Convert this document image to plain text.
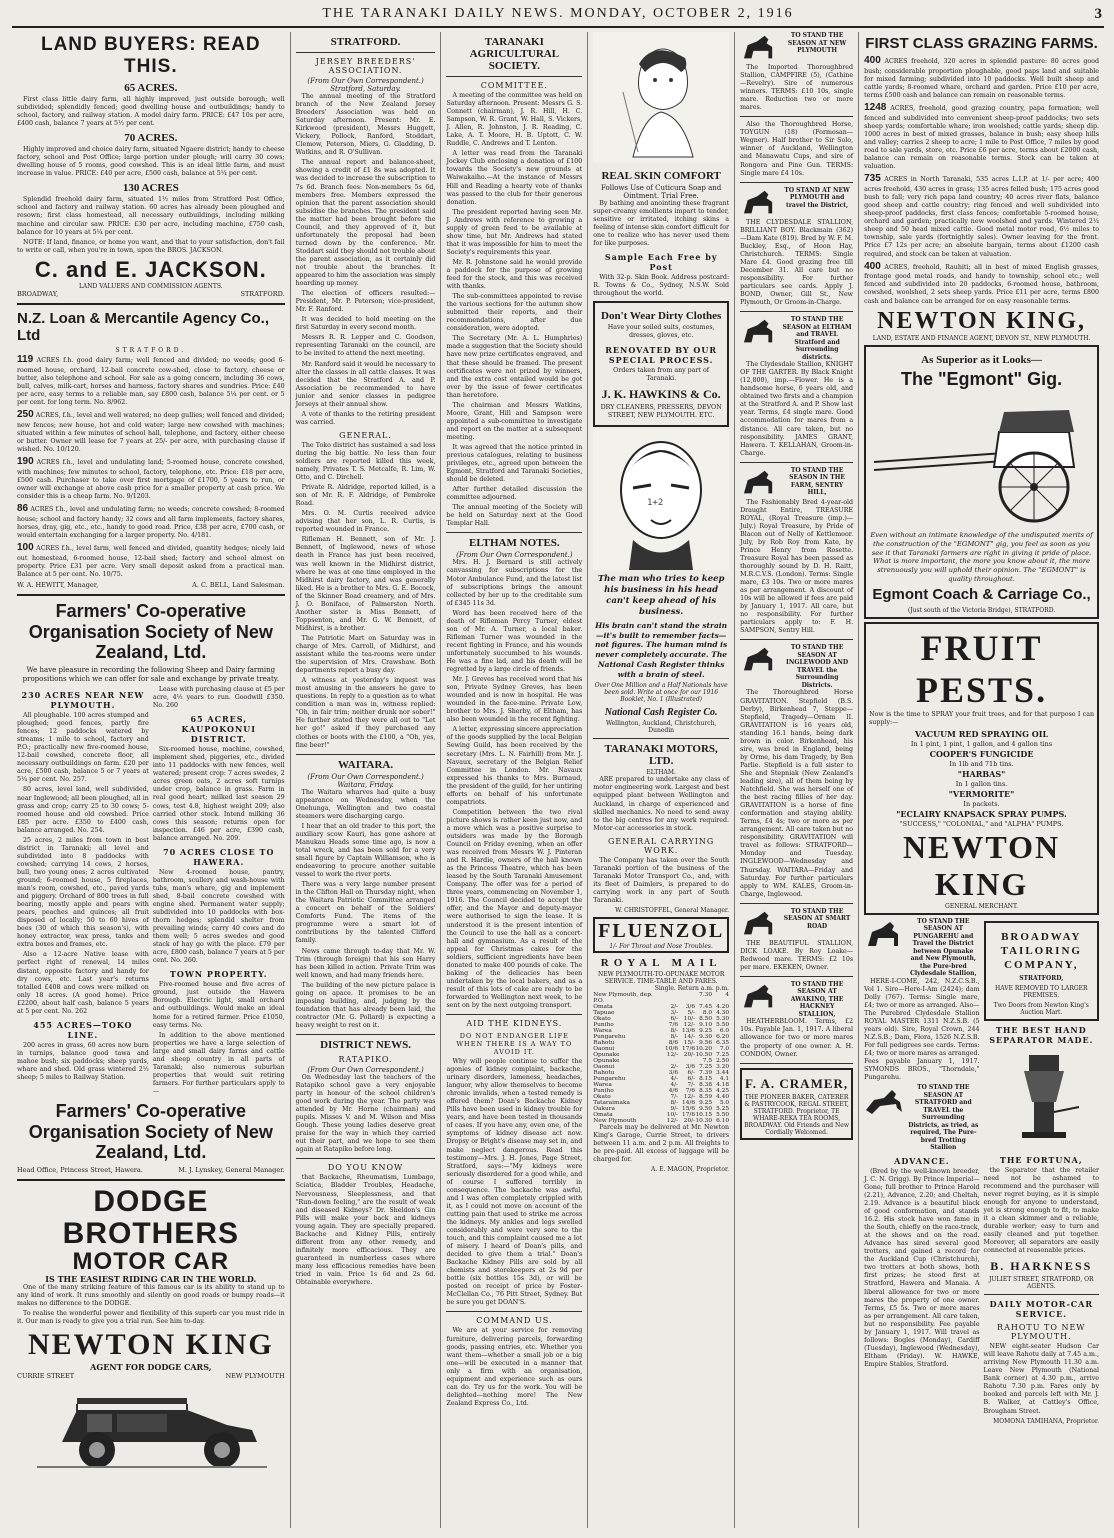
THE TARANAKI DAILY NEWS. MONDAY, OCTOBER 2, 1916	3
LAND BUYERS: READ THIS.
65 ACRES.

First class little dairy farm, all highly improved, just outside borough; well subdivided; splendidly fenced; good dwelling house and outbuildings; handy to school, factory, and railway station. A model dairy farm. PRICE: £47 10s per acre, £400 cash, balance 7 years at 5½ per cent.

70 ACRES.

Highly improved and choice dairy farm, situated Ngaere district; handy to cheese factory, school and Post Office; large portion under plough; will carry 30 cows; dwelling house of 5 rooms, good cowshed. This is an ideal little farm, and must increase in value. PRICE: £40 per acre, £500 cash, balance at 5¼ per cent.

130 ACRES

Splendid freehold dairy farm, situated 1½ miles from Stratford Post Office, school and factory and railway station. 60 acres has already been ploughed and resown; first class homestead, all necessary outbuildings, including milking machine and circular saw. PRICE: £30 per acre, including machine, £750 cash, balance for 10 years at 5¼ per cent.

NOTE: If land, finance, or home you want, and that to your satisfaction, don't fail to write or call, when you're in town, upon the BROS. JACKSON.

C. and E. JACKSON.
LAND VALUERS AND COMMISSION AGENTS.
BROADWAY,	STRATFORD.
N.Z. Loan & Mercantile Agency Co., Ltd
STRATFORD.

119 ACRES f.h. good dairy farm; well fenced and divided; no weeds; good 6-roomed house, orchard, 12-bail concrete cow-shed, close to factory, cheese or butter, also telephone and school. For sale as a going concern, including 36 cows, bull, calves, milk-cart, horses and harness, factory shares and sundries. Price: £40 per acre, easy terms to a reliable man, say £800 cash, balance 5¼ per cent. or 5 per cent. for long term. No. 8/962.

250 ACRES, f.h., level and well watered; no deep gullies; well fenced and divided; new fences; new house, hot and cold water; large new cowshed with machines; situated within a few minutes of school hall, telephone, and factory, either cheese or butter. Owner will lease for 7 years at 25/- per acre, with purchasing clause if wished. No. 10/120.

190 ACRES f.h., level and undulating land; 5-roomed house, concrete cowshed, with machines; few minutes to school, factory, telephone, etc. Price: £18 per acre, £500 cash. Purchaser to take over first mortgage of £1700, 5 years to run, or owner will exchange at above cash price for a smaller property at cash price. We consider this is a cheap farm. No. 9/1203.

86 ACRES f.h., level and undulating farm; no weeds; concrete cowshed; 8-roomed house; school and factory handy; 32 cows and all farm implements, factory shares, horses, dray, gig, etc., etc., handy to good road. Price, £38 per acre, £700 cash, or would entertain exchanging for a larger property. No. 4/181.

100 ACRES f.h., level farm, well fenced and divided, quantity hedges; nicely laid out homestead, 6-roomed house, 12-bail shed; factory and school almost on property. Price £31 per acre. Very small deposit asked from a practical man. Balance at 5 per cent. No. 10/75.

W. A. HEWITT, Manager,	A. C. BELL, Land Salesman.
Farmers' Co-operative Organisation Society of New Zealand, Ltd.

We have pleasure in recording the following Sheep and Dairy farming propositions which we can offer for sale and exchange by private treaty.

230 ACRES NEAR NEW PLYMOUTH.

All ploughable. 100 acres stumped and ploughed; good fences, partly fire fences; 12 paddocks watered by streams; 1 mile to school, factory and P.O.; practically new five-roomed house, 12-bail cowshed, concrete floor, all necessary outbuildings on farm. £20 per acre, £500 cash, balance 5 or 7 years at 5¼ per cent. No. 257.

80 acres, level land, well subdivided, near Inglewood; all been ploughed, all in grass and crop; carry 25 to 30 cows; 5-roomed house and old cowshed. Price £85 per acre. £350 to £400 cash, balance arranged. No. 254.

25 acres, 2 miles from town in best district in Taranaki; all level and subdivided into 8 paddocks with cowshed; carrying 14 cows, 2 horses, bull, two young ones; 2 acres cultivated ground; 6-roomed house, 5 fireplaces, man's room, cowshed, etc., paved yards and piggery. Orchard of 800 trees in full bearing, mostly apple and pears with pears, peaches and quinces; all fruit disposed of locally; 50 to 60 hives of bees (30 of which this season's), with honey extractor, wax press, tanks and extra boxes and frames, etc.

Also a 12-acre Native lease with perfect right of renewal, 14 miles distant, opposite factory and handy for dry cows, etc. Last year's returns totalled £408 and cows were milked on only 18 acres. (A good home). Price £2200, about half cash, balance 5 years at 5 per cent. No. 262

455 ACRES—TOKO LINE.

200 acres in grass, 60 acres now burn in turnips, balance good tawa and mahoe bush; six paddocks; sheep yards, whare and shed. Old grass wintered 2½ sheep; 5 miles to Railway Station.

Lease with purchasing clause at £5 per acre, 4½ years to run. Goodwill £350. No. 260

65 ACRES, KAUPOKONUI DISTRICT.

Six-roomed house, machine, cowshed, implement shed, piggeries, etc., divided into 11 paddocks with new fences, well watered; present crop: 7 acres swedes, 2 acres green oats, 2 acres soft turnips under crop, balance in grass. Farm in real good heart; milked last season 29 cows, test 4.8, highest weight 209; also carried other stock. Intend milking 36 cows this season; returns open for inspection. £46 per acre, £390 cash, balance arranged. No. 209.

70 ACRES CLOSE TO HAWERA.

New 4-roomed house, pantry, bathroom, scullery and wash-house with tubs, man's whare, gig and implement shed, 8-bail concrete cowshed with engine shed. Permanent water supply; subdivided into 10 paddocks with box-thorn hedges; splendid shelter from prevailing winds; carry 40 cows and do them well; 5 acres swedes and good stack of hay go with the place. £79 per acre, £800 cash, balance 7 years at 5 per cent. No. 260.

TOWN PROPERTY.

Five-roomed house and five acres of ground, just outside the Hawera Borough. Electric light, small orchard and outbuildings. Would make an ideal home for a retired farmer. Price £1050, easy terms. No.

In addition to the above mentioned properties we have a large selection of large and small dairy farms and cattle and sheep country in all parts of Taranaki; also numerous suburban properties that would suit retiring farmers. For further particulars apply to—

Farmers' Co-operative Organisation Society of New Zealand, Ltd.
Head Office, Princess Street, Hawera.	M. J. Lynskey, General Manager.
DODGE BROTHERS
MOTOR CAR
IS THE EASIEST RIDING CAR IN THE WORLD.

One of the many striking feature of this famous car is its ability to stand up to any kind of work. It runs smoothly and silently on good roads or bumpy roads—it makes no difference to the DODGE.

To realise the wonderful power and flexibility of this superb car you must ride in it. Our man is ready to give you a trial run. See him to-day.

NEWTON KING
AGENT FOR DODGE CARS,
CURRIE STREET	NEW PLYMOUTH
STRATFORD.
JERSEY BREEDERS' ASSOCIATION.
(From Our Own Correspondent.) Stratford, Saturday.

The annual meeting of the Stratford branch of the New Zealand Jersey Breeders' Association was held on Saturday afternoon. Present: Mr. E. Kirkwood (president), Messrs Huggett, Vickery, Pollock, Ranford, Stoddart, Clemow, Peterson, Miers, G. Gladding, D. Watkins, and R. O'Sullivan.

The annual report and balance-sheet, showing a credit of £1 8s was adopted. It was decided to increase the subscription to 7s 6d. Branch fees: Non-members 5s 6d, members free. Members expressed the opinion that the parent association should subsidise the branches. The president said the matter had been brought before the Council, and they approved of it, but unfortunately the proposal had been turned down by the conference. Mr. Stoddart said they should not trouble about the parent association, as it certainly did not trouble about the branches. It appeared to him the association was simply hoarding up money.

The election of officers resulted:—President, Mr. P. Peterson; vice-president, Mr. F. Ranford.

It was decided to hold meeting on the first Saturday in every second month.

Messrs R. R. Lepper and C. Goodson, representing Taranaki on the council, are to be invited to attend the next meeting.

Mr. Ranford said it would be necessary to alter the classes in all cattle classes. It was decided that the Stratford A. and P. Association be recommended to have junior and senior classes in pedigree Jerseys at their annual show.

A vote of thanks to the retiring president was carried.

GENERAL.

The Toko district has sustained a sad loss during the big battle. No less than four soldiers are reported killed this week, namely, Privates T. S. Metcalfe, R. Lim, W. Otto, and C. Dirchell.

Private R. Aldridge, reported killed, is a son of Mr. R. F. Aldridge, of Pembroke Road.

Mrs. O. M. Curtis received advice advising that her son, L. R. Curtis, is reported wounded in France.

Rifleman H. Bennett, son of Mr. J. Bennett, of Inglewood, news of whose death in France has just been received, was well known in the Midhirst district, where he was at one time employed in the Midhirst dairy factory, and was generally liked. He is a brother to Mrs. G. E. Bocock, of the Skinner Road creamery, and of Mrs. J. O. Boniface, of Palmerston North. Another sister is Miss Bennett, of Toppsenton, and Mr. G. W. Bennett, of Midhirst, is a brother.

The Patriotic Mart on Saturday was in charge of Mrs. Carroll, of Midhirst, and assistant while the tea-rooms were under the supervision of Mrs. Crawshaw. Both departments report a busy day.

A witness at yesterday's inquest was most amusing in the answers he gave to questions. In reply to a question as to what condition a man was in, witness replied: "Oh, in fair trim; neither drunk nor sober!" He further stated they were all out to "Let her go!" asked if they purchased any clothes or boots with the £100, a "Oh, yes, fine beer!"

WAITARA.
(From Our Own Correspondent.) Waitara, Friday.

The Waitara wharves had quite a busy appearance on Wednesday, when the Onehunga, Wellington and two coastal steamers were discharging cargo.

I hear that an old trader to this port, the auxiliary scow Kauri, has gone ashore at Manukau Heads some time ago, is now a total wreck, and has been sold for a very small figure by Captain Williamson, who is endeavoring to procure another suitable vessel to work the river ports.

There was a very large number present in the Clifton Hall on Thursday night, when the Waitara Patriotic Committee arranged a concert on behalf of the Soldiers' Comforts Fund. The items of the programme were a smart lot of contributions by the talented Clifford family.

News came through to-day that Mr. W. Trim (through foreign) that his son Harry has been killed in action. Private Trim was well known, and had many friends here.

The building of the new picture palace is going on apace. It promises to be an imposing building, and, judging by the foundation that has already been laid, the contractor (Mr. G. Pollard) is expecting a heavy weight to rest on it.

DISTRICT NEWS.
RATAPIKO.
(From Our Own Correspondent.)

On Wednesday last the teachers of the Ratapiko school gave a very enjoyable party in honour of the school children's good work during the year. The party was attended by Mr. Horne (chairman) and pupils. Misses V. and M. Wilson and Miss Gough. These young ladies deserve great praise for the way in which they carried out their part, and we hope to see them again at Ratapiko before long.

DO YOU KNOW

that Backache, Rheumatism, Lumbago, Sciatica, Bladder Troubles, Headache, Nervousness, Sleeplessness, and that "Run-down feeling," are the result of weak and diseased Kidneys? Dr. Sheldon's Gin Pills will make your back and kidneys young again. They are specially prepared. Backache and Kidney Pills, entirely different from any other remedy, and infinitely more efficacious. They are guaranteed in numberless cases where many less efficacious remedies have been tried in vain. Price 1s 6d and 2s 6d. Obtainable everywhere.

TARANAKI AGRICULTURAL SOCIETY.
COMMITTEE.

A meeting of the committee was held on Saturday afternoon. Present: Messrs G. S. Connett (chairman), J. R. Hill, H. C. Sampson, W. R. Grant, W. Hall, S. Vickers, J. Allen, R. Johnston, J. R. Reading, C. Lake, A. T. Moore, H. B. Uptott, C. W. Ruddle, C. Andrews and T. Lenton.

A letter was read from the Taranaki Jockey Club enclosing a donation of £100 towards the Society's new grounds at Waiwakaiho.—At the instance of Messrs Hill and Reading a hearty vote of thanks was passed to the club for their generous donation.

The president reported having seen Mr. J. Andrews with reference to growing a supply of green feed to be available at show time, but Mr. Andrews had stated that it was impossible for him to meet the Society's requirements this year.

Mr. R. Johnstone said he would provide a paddock for the purpose of growing feed for the stock, and this was received with thanks.

The sub-committees appointed to revise the various sections for the autumn show submitted their reports, and their recommendations, after due consideration, were adopted.

The Secretary (Mr. A. L. Humphries) made a suggestion that the Society should have new prize certificates engraved, and that these should be framed. The present certificates were not prized by winners, and the extra cost entailed would be got over by the issue of fewer certificates than heretofore.

The chairman and Messrs Watkins, Moore, Grant, Hill and Sampson were appointed a sub-committee to investigate and report on the matter at a subsequent meeting.

It was agreed that the notice printed in previous catalogues, relating to business privileges, etc., agreed upon between the Egmont, Stratford and Taranaki Societies, should be deleted.

After further detailed discussion the committee adjourned.

The annual meeting of the Society will be held on Saturday next at the Good Templar Hall.

ELTHAM NOTES.
(From Our Own Correspondent.)

Mrs. H. J. Bernard is still actively canvassing for subscriptions for the Motor Ambulance Fund, and the latest list of subscriptions brings the amount collected by her up to the creditable sum of £345 11s 3d.

Word has been received here of the death of Rifleman Percy Turner, eldest son of Mr. A. Turner, a local baker. Rifleman Turner was wounded in the recent fighting in France, and his wounds unfortunately succumbed to his wounds. He was a fine lad, and his death will be regretted by a large circle of friends.

Mr. J. Greves has received word that his son, Private Sydney Greves, has been wounded and is now in hospital. He was wounded in the face-mine. Private Low, brother to Mrs. J. Sherby, of Eltham, has also been wounded in the recent fighting.

A letter, expressing sincere appreciation of the goods supplied by the local Belgian Sewing Guild, has been received by the secretary (Mrs. L. N. Fairhill) from Mr. J. Navaux, secretary of the Belgian Relief Committee in London. Mr. Navaux expressed his thanks to Mrs. Burnaud, the president of the guild, for her untiring efforts on behalf of his unfortunate compatriots.

Competition between the two rival picture shows is rather keen just now, and a move which was a positive surprise to outsiders was made by the Borough Council on Friday evening, when an offer was received from Messrs W. J. Pinteran and R. Hardie, owners of the hall known as the Princess Theatre, which has been leased by the South Taranaki Amusement Company. The offer was for a period of three years, commencing on November 1, 1916. The Council decided to accept the offer, and the Mayor and deputy-mayor were authorised to sign the lease. It is understood it is the present intention of the Council to use the hall as a concert-hall and gymnasium. As a result of the appeal for Christmas cakes for the soldiers, sufficient ingredients have been donated to make 400 pounds of cake. The baking of the delicacies has been undertaken by the local bakers, and as a result of this lots of cake are ready to be forwarded to Wellington next week, to be sent on by the next outgoing transport.

AID THE KIDNEYS.
DO NOT ENDANGER LIFE WHEN THERE IS A WAY TO AVOID IT.

Why will people continue to suffer the agonies of kidney complaint, backache, urinary disorders, lameness, headaches, languor, why allow themselves to become chronic invalids, when a tested remedy is offered them? Doan's Backache Kidney Pills have been used in kidney trouble for years, and have been tested in thousands of cases. If you have any, even one, of the symptoms of kidney disease act now. Dropsy or Bright's disease may set in, and make neglect dangerous. Read this testimony—Mrs. J. H. Jones, Page Street, Stratford, says:—"My kidneys were seriously disordered for a good while, and of course I suffered terribly in consequence. The backache was awful, and I was often completely crippled with it, as I could not move on account of the cutting pain that used to strike me across the kidneys. My ankles and legs swelled considerably and were very sore to the touch, and this complaint caused me a lot of misery. I heard of Doan's pills, and decided to give them a trial." Doan's Backache Kidney Pills are sold by all chemists and storekeepers at 2s 9d per bottle (six bottles 15s 3d), or will be posted on receipt of price by Foster-McClellan Co., 76 Pitt Street, Sydney. But be sure you get DOAN'S.

COMMAND US.

We are at your service for removing furniture, delivering parcels, forwarding goods, passing entries, etc. Whether you want them—whether a small job or a big one—will be executed in a manner that only a firm with an organisation, equipment and experience such as ours can do. Try us for the work. You will be delighted—nothing more! The New Zealand Express Co., Ltd.

REAL SKIN COMFORT
Follows Use of Cuticura Soap and Ointment. Trial Free.

By bathing and anointing these fragrant super-creamy emollients impart to tender, sensitive or irritated, itching skins a feeling of intense skin comfort difficult for one to realize who has never used them for like purposes.

Sample Each Free by Post

With 32-p. Skin Book. Address postcard: R. Towns & Co., Sydney, N.S.W. Sold throughout the world.

Don't Wear Dirty Clothes

Have your soiled suits, costumes, dresses, gloves, etc.

RENOVATED BY OUR SPECIAL PROCESS.

Orders taken from any part of Taranaki.

J. K. HAWKINS & Co.

DRY CLEANERS, PRESSERS, DEVON STREET, NEW PLYMOUTH. ETC.

1+2
The man who tries to keep his business in his head can't keep ahead of his business.

His brain can't stand the strain—it's built to remember facts—not figures. The human mind is never completely accurate. The National Cash Register thinks with a brain of steel.

Over One Million and a Half Nationals have been sold. Write at once for our 1916 Booklet, No. 1 (Illustrated)

National Cash Register Co.
Wellington, Auckland, Christchurch, Dunedin
TARANAKI MOTORS, LTD.
ELTHAM.

ARE prepared to undertake any class of motor engineering work. Largest and best equipped plant between Wellington and Auckland, in charge of experienced and skilled mechanics. No need to send away to the big centres for any work required. Motor-car accessories in stock.

GENERAL CARRYING WORK.

The Company has taken over the South Taranaki portion of the business of the Taranaki Motor Transport Co., and, with its fleet of Daimlers, is prepared to do carrying work in any part of South Taranaki.

W. CHRISTOFFEL, General Manager.
FLUENZOL
1/- For Throat and Nose Troubles.
ROYAL MAIL
NEW PLYMOUTH-TO-OPUNAKE MOTOR SERVICE. TIME-TABLE AND FARES.
Single. Return a.m. p.m.
New Plymouth, dep. P.O.
7.30	4
Omata	2/-	3/6 7.45 4.20
Tapuae	3/-	5/-	8.0 4.30
Okato	6/- 10/- 8.50 5.30
Puniho	7/6 12/- 9.10 5.50
Warea	8/- 13/6 9.25	6.0
Pungarehu	8/- 14/- 9.30 6.20
Rahotu	8/6 15/- 9.56 6.35
Oaonui	10/6 17/6 10.20	7.0
Opunake	12/- 20/- 10.50 7.25
Opunake	7.5 2.50
Oaonui	2/-	3/6 7.25 3.20
Rahotu	3/6	6/- 7.39 3.44
Pungarehu	4/-	6/- 8.15	4.1
Warea	4/-	7/- 8.38 4.18
Puniho	4/6	7/6 8.35 4.25
Okato	7/- 12/- 8.59 4.40
Tataraimaka	8/- 14/6 9.25	5.0
Oakura	9/- 15/6 9.50 5.25
Omata	10/- 17/6 10.15 5.50
New Plymouth	12/- 20/- 10.30 6.10

Parcels may be delivered at Mr. Newton King's Garage, Currie Street, to drivers between 11 a.m. and 2 p.m. All freights to be pre-paid. All excess of luggage will be charged for.

A. E. MAGON, Proprietor.
TO STAND THE SEASON AT NEW PLYMOUTH

The Imported Thoroughbred Stallion, CAMPFIRE (5), (Cathine—Revelry). Sire of numerous winners. TERMS: £10 10s, single mare. Reduction two or more mares.

Also the Thoroughbred Horse, TOYGUN (18) (Formosan—Wegner). Half brother to Sir Solo, winner of Auckland, Wellington and Manawatu Cups, and sire of Rongora and Pine Gun. TERMS: Single mare £4 10s.

TO STAND AT NEW PLYMOUTH and travel the District,

THE CLYDESDALE STALLION, BRILLIANT BOY. Blackmain (362)—Dam Kate (819). Bred by W. F. M. Buckley, Esq., of Hoon Hay, Christchurch. TERMS: Single Mare £4. Good grazing free till December 31. All care but no responsibility. For further particulars see cards. Apply J. BOND, Owner, Gill St., New Plymouth, Or Groom-in-Charge.

TO STAND THE SEASON at ELTHAM and TRAVEL Stratford and Surrounding districts.

The Clydesdale Stallion, KNIGHT OF THE GARTER. By Black Knight (12,800), imp.—Flower. He is a handsome horse, 6 years old, and obtained two firsts and a champion at the Stratford A. and P. Show last year. Terms, £4 single mare. Good accommodation for mares from a distance. All care taken, but no responsibility. JAMES GRANT, Hawera. T. KELLAHAN, Groom-in-Charge.

TO STAND THE SEASON IN THE FARM, SENTRY HILL,

The Fashionably Bred 4-year-old Draught Entire, TREASURE ROYAL, (Royal Treasure (imp.)—July.) Royal Treasure, by Pride of Blacon out of Nelly of Kettlemoor. July, by Rob Roy from Kate, by Prince Henry from Rosette. Treasure Royal has been passed as thoroughly sound by D. H. Raitt, M.R.C.V.S. (London). Terms: Single mare, £3 10s. Two or more mares as per arrangement. A discount of 10s will be allowed if fees are paid by January 1, 1917. All care, but no responsibility. For further particulars apply to: F. H. SAMPSON, Sentry Hill.

TO STAND THE SEASON AT INGLEWOOD AND TRAVEL the Surrounding Districts.

The Thoroughbred Horse GRAVITATION. Stepfield (B.S. Derby), Birkenhead 7, Steppe—Stepfield, Tragedy—Ornam II. GRAVITATION is 16 years old, standing 16.1 hands, being dark brown in color. Birkenhead, his sire, was bred in England, being by Orme, his dam Tragedy, by Ben Parlie. Stepfield is a full sister to She and Stepniak (New Zealand's leading sire), all of them being by Natchfield. She was herself one of the best racing fillies of her day. GRAVITATION is a horse of fine conformation and staying ability. Terms, £4 4s; two or more as per arrangement. All care taken but no responsibility. GRAVITATION will travel as follows: STRATFORD—Monday and Tuesday. INGLEWOOD—Wednesday and Thursday. WAITARA—Friday and Saturday. For further particulars apply to WM. KALES, Groom-in-Charge, Inglewood.

TO STAND THE SEASON AT SMART ROAD

THE BEAUTIFUL STALLION, DICK LOAKE. By Roy Loake—Redwood mare. TERMS: £2 10s per mare. EKEKEN, Owner.

TO STAND THE SEASON AT AWAKINO, THE HACKNEY STALLION,

HEATHERBLOOM. Terms, £2 10s. Payable Jan. 1, 1917. A liberal allowance for two or more mares the property of one owner. A. H. CONDON, Owner.

F. A. CRAMER,
THE PIONEER BAKER, CATERER & PASTRYCOOK, REGAL STREET, STRATFORD. Proprietor, TE WHARE-REKA TEA ROOMS, BROADWAY. Old Friends and New Cordially Welcomed.
FIRST CLASS GRAZING FARMS.

400 ACRES freehold, 320 acres in splendid pasture: 80 acres good bush; considerable proportion ploughable, good paps land and suitable for mixed farming; subdivided into 10 paddocks. Well built sheep and cattle yards; 8-roomed whare, orchard and garden. Price £10 per acre, terms £500 cash and balance can remain on reasonable terms.

1248 ACRES, freehold, good grazing country, papa formation; well fenced and subdivided into convenient sheep-proof paddocks; two sets sheep yards; comfortable whare; iron woolshed; cattle yards; sheep dip. 1000 acres in best of mixed grasses, balance in bush; easy sheep hills and valley; carries 2 sheep to acre; 1 mile to Post Office, 7 miles by good road to sale yards, store, etc. Price £6 per acre, terms about £2000 cash, balance can remain on reasonable terms. Stock can be taken at valuation.

735 ACRES in North Taranaki, 535 acres L.I.P. at 1/- per acre; 400 acres freehold, 430 acres in grass; 135 acres felled bush; 175 acres good bush to fall; very rich papa land country; 40 acres river flats, balance good sheep and cattle country; ring fenced and well subdivided into sheep-proof paddocks, first class fences; comfortable 5-roomed house, orchard and garden; practically new woolshed and yards. Wintered 2¼ sheep and 50 head mixed cattle. Good metal motor road, 6½ miles to township, sale yards (fortnightly sales). Owner leaving for the front. Price £7 12s per acre; an absolute bargain, terms about £1200 cash required, and stock can be taken at valuation.

400 ACRES, freehold, Rauhiti; all in best of mixed English grasses, frontage good metal roads, and handy to township, school etc.; well fenced and subdivided into 20 paddocks, 6-roomed house, bathroom, cowshed, woolshed, 2 sets sheep yards. Price £11 per acre, terms £800 cash and balance can be arranged for on easy reasonable terms.

NEWTON KING,
LAND, ESTATE AND FINANCE AGENT, DEVON ST., NEW PLYMOUTH.
As Superior as it Looks—
The "Egmont" Gig.

Even without an intimate knowledge of the undisputed merits of the construction of the "EGMONT" gig, you feel as soon as you see it that Taranaki farmers are right in giving it pride of place. What is more important, the more you know about it, the more strenuously you will uphold their opinion. The "EGMONT" is quality throughout.

Egmont Coach & Carriage Co.,
(Just south of the Victoria Bridge), STRATFORD.
FRUIT PESTS.

Now is the time to SPRAY your fruit trees, and for that purpose I can supply:—

VACUUM RED SPRAYING OIL
In 1 pint, 1 pint, 1 gallon, and 4 gallon tins
COOPER'S FUNGICIDE
In 1lb and 71b tins.
"HARBAS"
In 1 gallon tins.
"VERMORITE"
In packets.
"ECLAIRY KNAPSACK SPRAY PUMPS.
"SUCCESS," "COLONIAL," and "ALPHA" PUMPS.
NEWTON KING
GENERAL MERCHANT.
TO STAND THE SEASON AT PUNGAREHU and Travel the District between Opunake and New Plymouth, the Pure-bred Clydesdale Stallion,

HERE-I-COME, 242, N.Z.C.S.B., Vol 1. Sire—Here-I-Am (2424); dam Dolly (767). Terms: Single mare, £4; two or more as arranged. Also— The Purebred Clydesdale Stallion ROYAL MASTER 1311 N.Z.S.B. (5 years old). Sire, Royal Crown, 244 N.Z.S.B.; Dam, Flora, 1526 N.Z.S.B. For full pedigrees see cards. Terms: £4; two or more mares as arranged. Fees payable January 1, 1917. SYMONDS BROS., "Thorndale," Pungarehu.

TO STAND THE SEASON AT STRATFORD and TRAVEL the Surrounding Districts, as tried, as required, The Pure-bred Trotting Stallion
ADVANCE.

(Bred by the well-known breeder, J. C. N. Grigg). By Prince Imperial—Gone; full brother to Prince Harold (2.21), Advance, 2.20; and Cheltah, 2.19. Advance is a beautiful black of good conformation, and stands 16.2. His stock have won fame in the South, chiefly on the race-track, at the shows and on the road. Advance has sired several good trotters, and gained a record for the Auckland Cup (Christchurch), two trotters at both shows, both first prizes; he stood first at Stratford, Hawera and Manaia. A liberal allowance for two or more mares the property of one owner. Terms, £5 5s. Two or more mares as per arrangement. All care taken, but no responsibility. Fee payable by January 1, 1917. Will travel as follows: Bogles (Monday), Cardiff (Tuesday), Inglewood (Wednesday), Eltham (Friday). W. HAWKE, Empire Stables, Stratford.

BROADWAY TAILORING COMPANY,
STRATFORD,
HAVE REMOVED TO LARGER PREMISES.
Two Doors from Newton King's Auction Mart.
THE BEST HAND SEPARATOR MADE.
THE FORTUNA,

the Separator that the retailer need not be ashamed to recommend and the purchaser will never regret buying, as it is simple enough for anyone to understand, yet is strong enough to fit, to make it a clean skimmer and a reliable, durable worker; easy to turn and easily cleaned and put together. Moreover, all separators are easily connected at reasonable prices.

B. HARKNESS
JULIET STREET, STRATFORD, OR AGENTS.
DAILY MOTOR-CAR SERVICE.
RAHOTU TO NEW PLYMOUTH.

NEW eight-seater Hudson Car will leave Rahotu daily at 7.45 a.m., arriving New Plymouth 11.30 a.m. Leave New Plymouth (National Bank corner) at 4.30 p.m., arrive Rahotu 7.30 p.m. Fares only by booked and parcels left with Mr. J. B. Walker, at Cattley's Office, Brougham Street.

MOMONA TAMIHANA, Proprietor.
